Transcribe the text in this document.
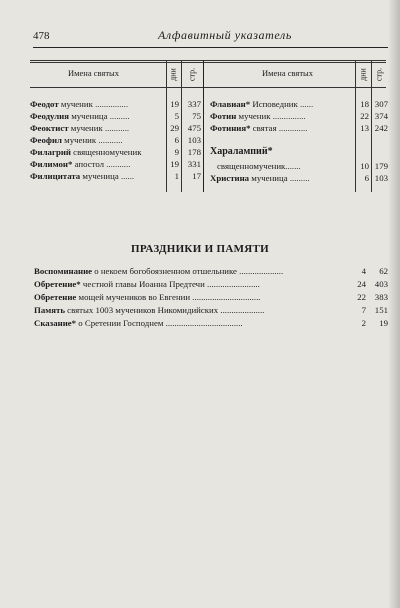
478	Алфавитный указатель
Имена святых	дни стр.	Имена святых	дни стр.
Феодот мученик ...............	19 337
Феодулия мученица .........	5	75
Феоктист мученик ...........	29 475
Феофил мученик ...........	6 103
Филагрий священномученик	9 178
Филимон* апостол ...........	19 331
Филицитата мученица ......	1	17
Флавиан* Исповедник ......	18 307
Фотин мученик ...............	22 374
Фотиния* святая .............	13 242
Харалампий*
священномученик.......	10 179
Христина мученица .........	6 103
ПРАЗДНИКИ И ПАМЯТИ
Воспоминание о некоем богобоязненном отшельнике ....................	4	62
Обретение* честной главы Иоанна Предтечи ........................	24 403
Обретение мощей мучеников во Евгении ...............................	22 383
Память святых 1003 мучеников Никомидийских ....................	7 151
Сказание* о Сретении Господнем ...................................	2	19
